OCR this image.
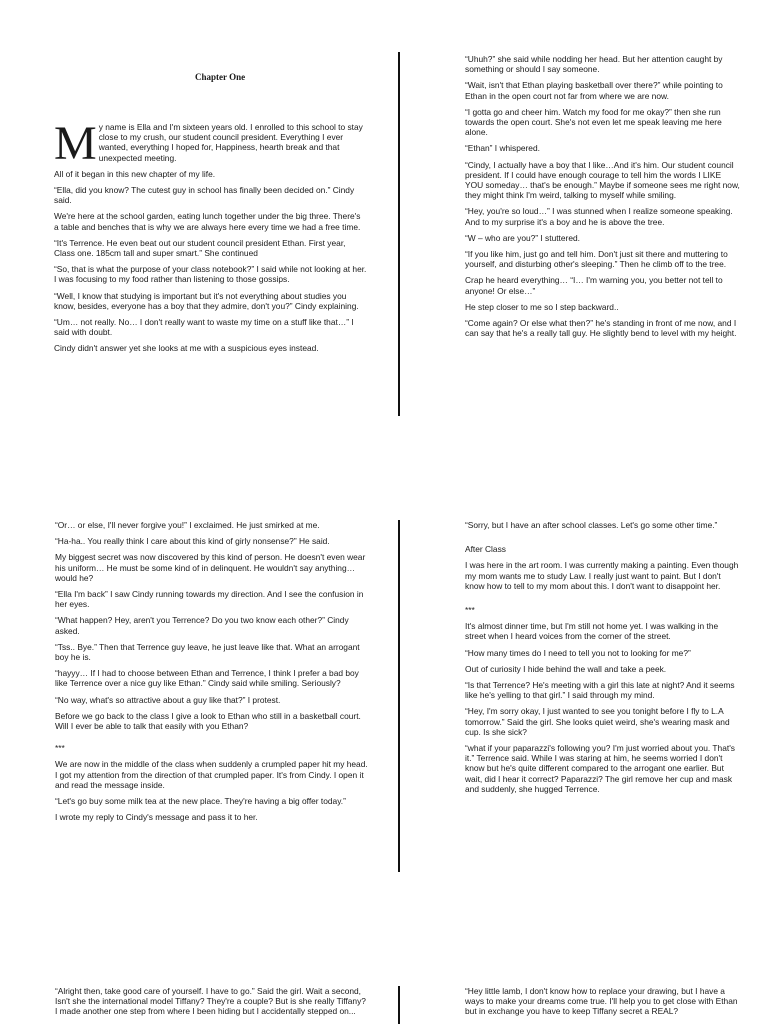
Chapter One

M y name is Ella and I'm sixteen years old. I enrolled to this school to stay close to my crush, our student council president. Everything I ever wanted, everything I hoped for, Happiness, hearth break and that unexpected meeting.

All of it began in this new chapter of my life.

“Ella, did you know? The cutest guy in school has finally been decided on.” Cindy said.

We're here at the school garden, eating lunch together under the big three. There's a table and benches that is why we are always here every time we had a free time.

“It's Terrence. He even beat out our student council president Ethan. First year, Class one. 185cm tall and super smart.” She continued

“So, that is what the purpose of your class notebook?” I said while not looking at her. I was focusing to my food rather than listening to those gossips.

“Well, I know that studying is important but it's not everything about studies you know, besides, everyone has a boy that they admire, don't you?” Cindy explaining.

“Um… not really. No… I don't really want to waste my time on a stuff like that…” I said with doubt.

Cindy didn't answer yet she looks at me with a suspicious eyes instead.

“Uhuh?” she said while nodding her head. But her attention caught by something or should I say someone.

“Wait, isn't that Ethan playing basketball over there?” while pointing to Ethan in the open court not far from where we are now.

“I gotta go and cheer him. Watch my food for me okay?” then she run towards the open court. She's not even let me speak leaving me here alone.

“Ethan” I whispered.

“Cindy, I actually have a boy that I like…And it's him. Our student council president. If I could have enough courage to tell him the words I LIKE YOU someday… that's be enough.” Maybe if someone sees me right now, they might think I'm weird, talking to myself while smiling.

“Hey, you're so loud…” I was stunned when I realize someone speaking. And to my surprise it's a boy and he is above the tree.

“W – who are you?” I stuttered.

“If you like him, just go and tell him. Don't just sit there and muttering to yourself, and disturbing other's sleeping.” Then he climb off to the tree.

Crap he heard everything… “I… I'm warning you, you better not tell to anyone! Or else…”

He step closer to me so I step backward..

“Come again? Or else what then?” he's standing in front of me now, and I can say that he's a really tall guy. He slightly bend to level with my height.

“Or… or else, I'll never forgive you!” I exclaimed. He just smirked at me.

“Ha-ha.. You really think I care about this kind of girly nonsense?” He said.

My biggest secret was now discovered by this kind of person. He doesn't even wear his uniform… He must be some kind of in delinquent. He wouldn't say anything… would he?

“Ella I'm back” I saw Cindy running towards my direction. And I see the confusion in her eyes.

“What happen? Hey, aren't you Terrence? Do you two know each other?” Cindy asked.

“Tss.. Bye.” Then that Terrence guy leave, he just leave like that. What an arrogant boy he is.

“hayyy… If I had to choose between Ethan and Terrence, I think I prefer a bad boy like Terrence over a nice guy like Ethan.” Cindy said while smiling. Seriously?

“No way, what's so attractive about a guy like that?” I protest.

Before we go back to the class I give a look to Ethan who still in a basketball court. Will I ever be able to talk that easily with you Ethan?

***

We are now in the middle of the class when suddenly a crumpled paper hit my head. I got my attention from the direction of that crumpled paper. It's from Cindy. I open it and read the message inside.

“Let's go buy some milk tea at the new place. They're having a big offer today.”

I wrote my reply to Cindy's message and pass it to her.

“Sorry, but I have an after school classes. Let's go some other time.”

After Class

I was here in the art room. I was currently making a painting. Even though my mom wants me to study Law. I really just want to paint. But I don't know how to tell to my mom about this. I don't want to disappoint her.

***

It's almost dinner time, but I'm still not home yet. I was walking in the street when I heard voices from the corner of the street.

“How many times do I need to tell you not to looking for me?”

Out of curiosity I hide behind the wall and take a peek.

“Is that Terrence? He's meeting with a girl this late at night? And it seems like he's yelling to that girl.” I said through my mind.

“Hey, I'm sorry okay, I just wanted to see you tonight before I fly to L.A tomorrow.” Said the girl. She looks quiet weird, she's wearing mask and cup. Is she sick?

“what if your paparazzi's following you? I'm just worried about you. That's it.” Terrence said. While I was staring at him, he seems worried I don't know but he's quite different compared to the arrogant one earlier. But wait, did I hear it correct? Paparazzi? The girl remove her cup and mask and suddenly, she hugged Terrence.

“Alright then, take good care of yourself. I have to go.” Said the girl. Wait a second, Isn't she the international model Tiffany? They're a couple? But is she really Tiffany? I made another one step from where I been hiding but I accidentally stepped on...

“Hey little lamb, I don't know how to replace your drawing, but I have a ways to make your dreams come true. I'll help you to get close with Ethan but in exchange you have to keep Tiffany secret a REAL?
